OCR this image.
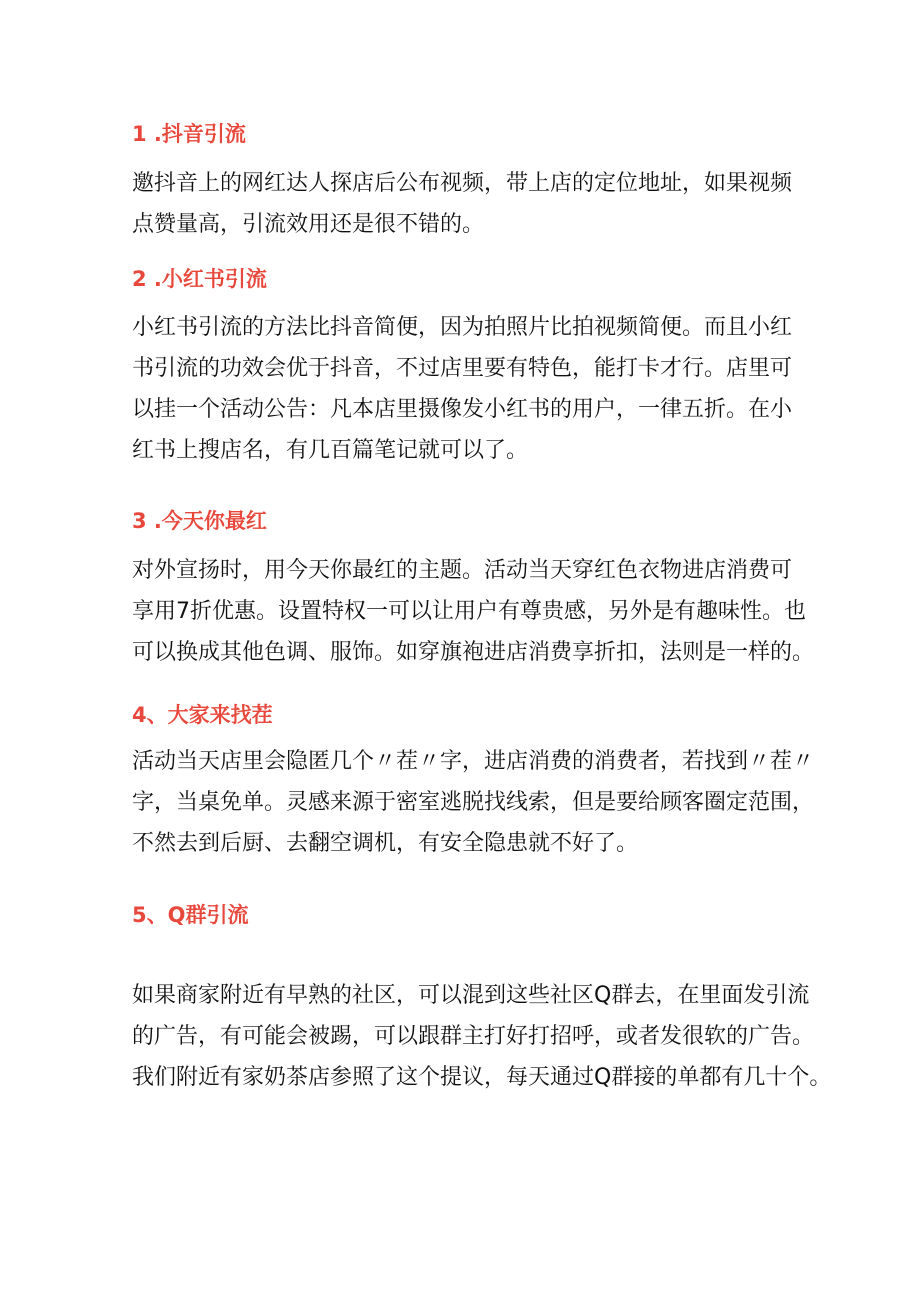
1 .抖音引流
邀抖音上的网红达人探店后公布视频，带上店的定位地址，如果视频
点赞量高，引流效用还是很不错的。
2 .小红书引流
小红书引流的方法比抖音简便，因为拍照片比拍视频简便。而且小红
书引流的功效会优于抖音，不过店里要有特色，能打卡才行。店里可
以挂一个活动公告：凡本店里摄像发小红书的用户，一律五折。在小
红书上搜店名，有几百篇笔记就可以了。
3 .今天你最红
对外宣扬时，用今天你最红的主题。活动当天穿红色衣物进店消费可
享用7折优惠。设置特权一可以让用户有尊贵感，另外是有趣味性。也
可以换成其他色调、服饰。如穿旗袍进店消费享折扣，法则是一样的。
4、大家来找茬
活动当天店里会隐匿几个〃茬〃字，进店消费的消费者，若找到〃茬〃
字，当桌免单。灵感来源于密室逃脱找线索，但是要给顾客圈定范围，
不然去到后厨、去翻空调机，有安全隐患就不好了。
5、Q群引流
如果商家附近有早熟的社区，可以混到这些社区Q群去，在里面发引流
的广告，有可能会被踢，可以跟群主打好打招呼，或者发很软的广告。
我们附近有家奶茶店参照了这个提议，每天通过Q群接的单都有几十个。
